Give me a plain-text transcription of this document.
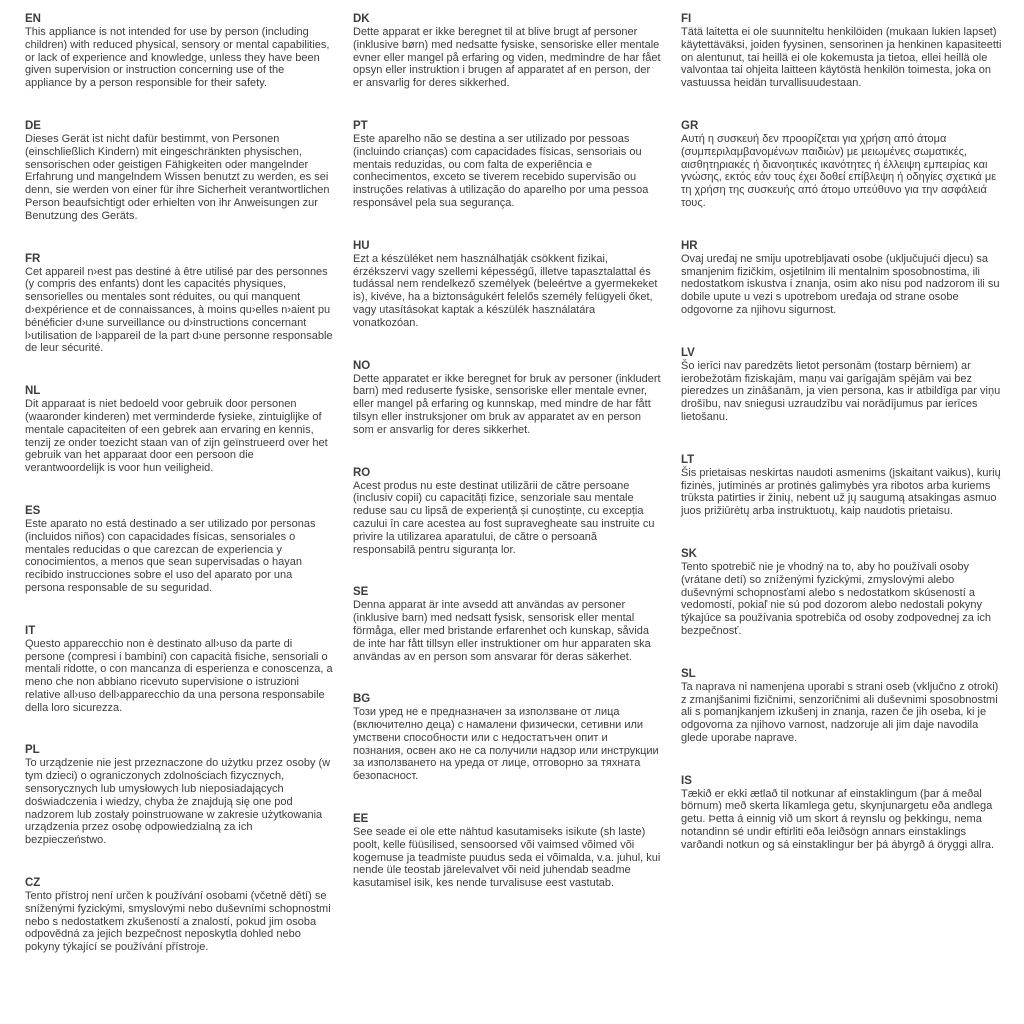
EN

This appliance is not intended for use by person (including children) with reduced physical, sensory or mental capabilities, or lack of experience and knowledge, unless they have been given supervision or instruction concerning use of the appliance by a person responsible for their safety.

DE

Dieses Gerät ist nicht dafür bestimmt, von Personen (einschließlich Kindern) mit eingeschränkten physischen, sensorischen oder geistigen Fähigkeiten oder mangelnder Erfahrung und mangelndem Wissen benutzt zu werden, es sei denn, sie werden von einer für ihre Sicherheit verantwortlichen Person beaufsichtigt oder erhielten von ihr Anweisungen zur Benutzung des Geräts.

FR

Cet appareil n›est pas destiné à être utilisé par des personnes (y compris des enfants) dont les capacités physiques, sensorielles ou mentales sont réduites, ou qui manquent d›expérience et de connaissances, à moins qu›elles n›aient pu bénéficier d›une surveillance ou d›instructions concernant l›utilisation de l›appareil de la part d›une personne responsable de leur sécurité.

NL

Dit apparaat is niet bedoeld voor gebruik door personen (waaronder kinderen) met verminderde fysieke, zintuiglijke of mentale capaciteiten of een gebrek aan ervaring en kennis, tenzij ze onder toezicht staan van of zijn geïnstrueerd over het gebruik van het apparaat door een persoon die verantwoordelijk is voor hun veiligheid.

ES

Este aparato no está destinado a ser utilizado por personas (incluidos niños) con capacidades físicas, sensoriales o mentales reducidas o que carezcan de experiencia y conocimientos, a menos que sean supervisadas o hayan recibido instrucciones sobre el uso del aparato por una persona responsable de su seguridad.

IT

Questo apparecchio non è destinato all›uso da parte di persone (compresi i bambini) con capacità fisiche, sensoriali o mentali ridotte, o con mancanza di esperienza e conoscenza, a meno che non abbiano ricevuto supervisione o istruzioni relative all›uso dell›apparecchio da una persona responsabile della loro sicurezza.

PL

To urządzenie nie jest przeznaczone do użytku przez osoby (w tym dzieci) o ograniczonych zdolnościach fizycznych, sensorycznych lub umysłowych lub nieposiadających doświadczenia i wiedzy, chyba że znajdują się one pod nadzorem lub zostały poinstruowane w zakresie użytkowania urządzenia przez osobę odpowiedzialną za ich bezpieczeństwo.

CZ

Tento přístroj není určen k používání osobami (včetně dětí) se sníženými fyzickými, smyslovými nebo duševními schopnostmi nebo s nedostatkem zkušeností a znalostí, pokud jim osoba odpovědná za jejich bezpečnost neposkytla dohled nebo pokyny týkající se používání přístroje.

DK

Dette apparat er ikke beregnet til at blive brugt af personer (inklusive børn) med nedsatte fysiske, sensoriske eller mentale evner eller mangel på erfaring og viden, medmindre de har fået opsyn eller instruktion i brugen af apparatet af en person, der er ansvarlig for deres sikkerhed.

PT

Este aparelho não se destina a ser utilizado por pessoas (incluindo crianças) com capacidades físicas, sensoriais ou mentais reduzidas, ou com falta de experiência e conhecimentos, exceto se tiverem recebido supervisão ou instruções relativas à utilização do aparelho por uma pessoa responsável pela sua segurança.

HU

Ezt a készüléket nem használhatják csökkent fizikai, érzékszervi vagy szellemi képességű, illetve tapasztalattal és tudással nem rendelkező személyek (beleértve a gyermekeket is), kivéve, ha a biztonságukért felelős személy felügyeli őket, vagy utasításokat kaptak a készülék használatára vonatkozóan.

NO

Dette apparatet er ikke beregnet for bruk av personer (inkludert barn) med reduserte fysiske, sensoriske eller mentale evner, eller mangel på erfaring og kunnskap, med mindre de har fått tilsyn eller instruksjoner om bruk av apparatet av en person som er ansvarlig for deres sikkerhet.

RO

Acest produs nu este destinat utilizării de către persoane (inclusiv copii) cu capacități fizice, senzoriale sau mentale reduse sau cu lipsă de experiență și cunoștințe, cu excepția cazului în care acestea au fost supravegheate sau instruite cu privire la utilizarea aparatului, de către o persoană responsabilă pentru siguranța lor.

SE

Denna apparat är inte avsedd att användas av personer (inklusive barn) med nedsatt fysisk, sensorisk eller mental förmåga, eller med bristande erfarenhet och kunskap, såvida de inte har fått tillsyn eller instruktioner om hur apparaten ska användas av en person som ansvarar för deras säkerhet.

BG

Този уред не е предназначен за използване от лица (включително деца) с намалени физически, сетивни или умствени способности или с недостатъчен опит и познания, освен ако не са получили надзор или инструкции за използването на уреда от лице, отговорно за тяхната безопасност.

EE

See seade ei ole ette nähtud kasutamiseks isikute (sh laste) poolt, kelle füüsilised, sensoorsed või vaimsed võimed või kogemuse ja teadmiste puudus seda ei võimalda, v.a. juhul, kui nende üle teostab järelevalvet või neid juhendab seadme kasutamisel isik, kes nende turvalisuse eest vastutab.

FI

Tätä laitetta ei ole suunniteltu henkilöiden (mukaan lukien lapset) käytettäväksi, joiden fyysinen, sensorinen ja henkinen kapasiteetti on alentunut, tai heillä ei ole kokemusta ja tietoa, ellei heillä ole valvontaa tai ohjeita laitteen käytöstä henkilön toimesta, joka on vastuussa heidän turvallisuudestaan.

GR

Αυτή η συσκευή δεν προορίζεται για χρήση από άτομα (συμπεριλαμβανομένων παιδιών) με μειωμένες σωματικές, αισθητηριακές ή διανοητικές ικανότητες ή έλλειψη εμπειρίας και γνώσης, εκτός εάν τους έχει δοθεί επίβλεψη ή οδηγίες σχετικά με τη χρήση της συσκευής από άτομο υπεύθυνο για την ασφάλειά τους.

HR

Ovaj uređaj ne smiju upotrebljavati osobe (uključujući djecu) sa smanjenim fizičkim, osjetilnim ili mentalnim sposobnostima, ili nedostatkom iskustva i znanja, osim ako nisu pod nadzorom ili su dobile upute u vezi s upotrebom uređaja od strane osobe odgovorne za njihovu sigurnost.

LV

Šo ierīci nav paredzēts lietot personām (tostarp bērniem) ar ierobežotām fiziskajām, maņu vai garīgajām spējām vai bez pieredzes un zināšanām, ja vien persona, kas ir atbildīga par viņu drošību, nav sniegusi uzraudzību vai norādījumus par ierīces lietošanu.

LT

Šis prietaisas neskirtas naudoti asmenims (įskaitant vaikus), kurių fizinės, jutiminės ar protinės galimybės yra ribotos arba kuriems trūksta patirties ir žinių, nebent už jų saugumą atsakingas asmuo juos prižiūrėtų arba instruktuotų, kaip naudotis prietaisu.

SK

Tento spotrebič nie je vhodný na to, aby ho používali osoby (vrátane detí) so zníženými fyzickými, zmyslovými alebo duševnými schopnosťami alebo s nedostatkom skúseností a vedomostí, pokiaľ nie sú pod dozorom alebo nedostali pokyny týkajúce sa používania spotrebiča od osoby zodpovednej za ich bezpečnosť.

SL

Ta naprava ni namenjena uporabi s strani oseb (vključno z otroki) z zmanjšanimi fizičnimi, senzoričnimi ali duševnimi sposobnostmi ali s pomanjkanjem izkušenj in znanja, razen če jih oseba, ki je odgovorna za njihovo varnost, nadzoruje ali jim daje navodila glede uporabe naprave.

IS

Tækið er ekki ætlað til notkunar af einstaklingum (þar á meðal börnum) með skerta líkamlega getu, skynjunargetu eða andlega getu. Þetta á einnig við um skort á reynslu og þekkingu, nema notandinn sé undir eftirliti eða leiðsögn annars einstaklings varðandi notkun og sá einstaklingur ber þá ábyrgð á öryggi allra.
